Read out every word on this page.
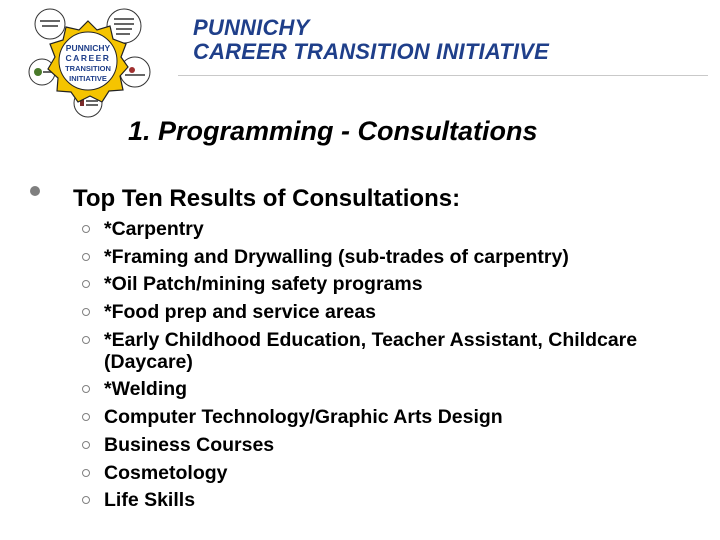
PUNNICHY
CAREER
TRANSITION
INITIATIVE
PUNNICHY
CAREER TRANSITION INITIATIVE
1. Programming - Consultations
Top Ten Results of Consultations:
*Carpentry
*Framing and Drywalling (sub-trades of carpentry)
*Oil Patch/mining safety programs
*Food prep and service areas
*Early Childhood Education, Teacher Assistant, Childcare (Daycare)
*Welding
Computer Technology/Graphic Arts Design
Business Courses
Cosmetology
Life Skills
